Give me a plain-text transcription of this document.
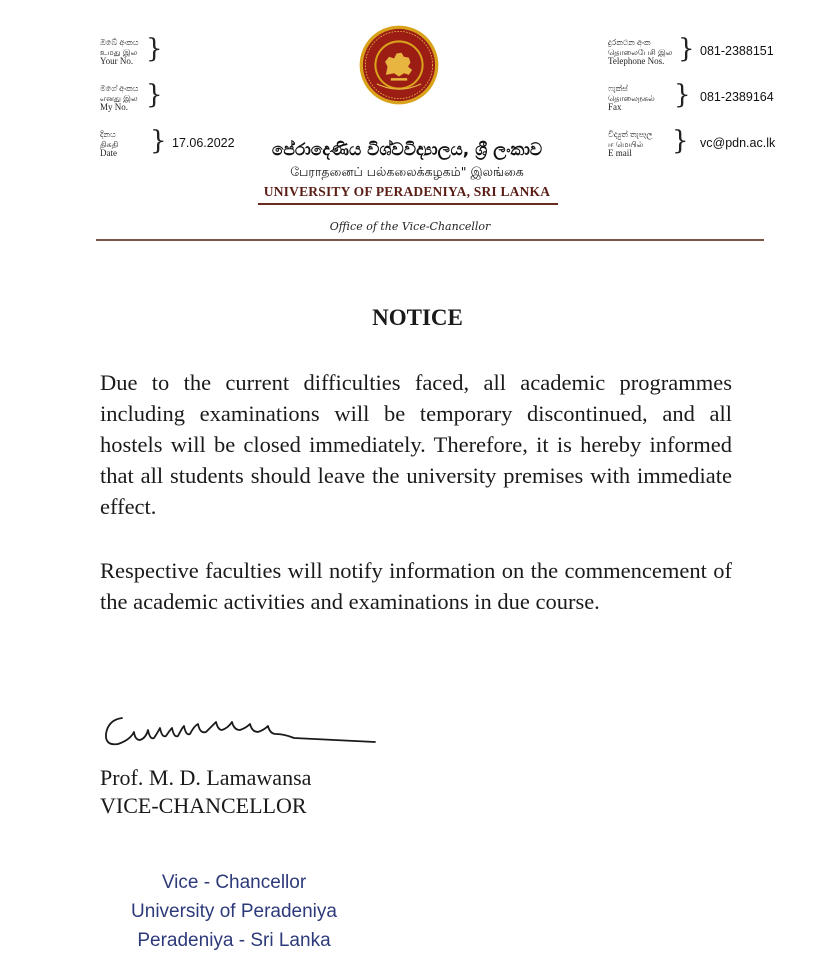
ඔබේ අංකය
உமது இல
Your No. }
මගේ අංකය
எனது இல
My No. }
දිනය
திகதி
Date } 17.06.2022
දුරකථන අංක
தொலைபேசி இல
Telephone Nos. } 081-2388151
ෆැක්ස්
தொலைநகல்
Fax	} 081-2389164
විද්‍යුත් තැපෑල
ஈ மெயில்
E mail	} vc@pdn.ac.lk
පේරාදෙණිය විශ්වවිද්‍යාලය, ශ්‍රී ලංකාව
பேராதனைப் பல்கலைக்கழகம்" இலங்கை
UNIVERSITY OF PERADENIYA, SRI LANKA
Office of the Vice-Chancellor
NOTICE
Due to the current difficulties faced, all academic programmes including examinations will be temporary discontinued, and all hostels will be closed immediately. Therefore, it is hereby informed that all students should leave the university premises with immediate effect.
Respective faculties will notify information on the commencement of the academic activities and examinations in due course.
Prof. M. D. Lamawansa
VICE-CHANCELLOR
Vice - Chancellor
University of Peradeniya
Peradeniya - Sri Lanka
